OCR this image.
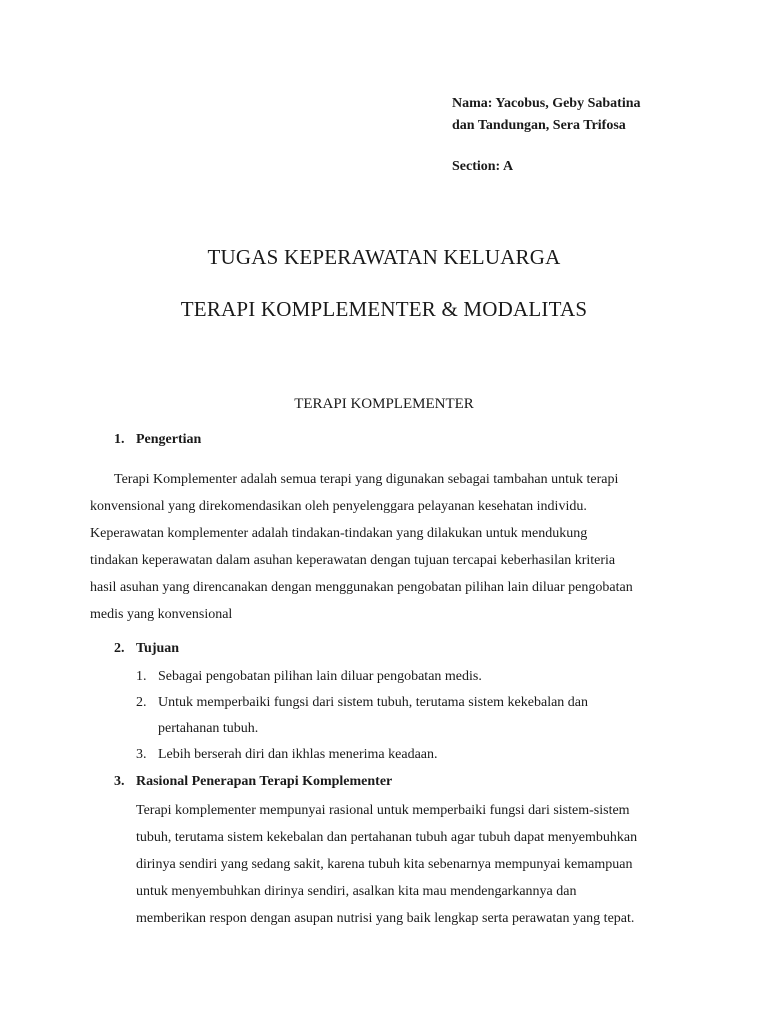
Nama: Yacobus, Geby Sabatina
dan Tandungan, Sera Trifosa
Section: A
TUGAS KEPERAWATAN KELUARGA
TERAPI KOMPLEMENTER & MODALITAS
TERAPI KOMPLEMENTER
1. Pengertian
Terapi Komplementer adalah semua terapi yang digunakan sebagai tambahan untuk terapi
konvensional yang direkomendasikan oleh penyelenggara pelayanan kesehatan individu.
Keperawatan komplementer adalah tindakan-tindakan yang dilakukan untuk mendukung
tindakan keperawatan dalam asuhan keperawatan dengan tujuan tercapai keberhasilan kriteria
hasil asuhan yang direncanakan dengan menggunakan pengobatan pilihan lain diluar pengobatan
medis yang konvensional
2. Tujuan
1. Sebagai pengobatan pilihan lain diluar pengobatan medis.
2. Untuk memperbaiki fungsi dari sistem tubuh, terutama sistem kekebalan dan
pertahanan tubuh.
3. Lebih berserah diri dan ikhlas menerima keadaan.
3. Rasional Penerapan Terapi Komplementer
Terapi komplementer mempunyai rasional untuk memperbaiki fungsi dari sistem-sistem
tubuh, terutama sistem kekebalan dan pertahanan tubuh agar tubuh dapat menyembuhkan
dirinya sendiri yang sedang sakit, karena tubuh kita sebenarnya mempunyai kemampuan
untuk menyembuhkan dirinya sendiri, asalkan kita mau mendengarkannya dan
memberikan respon dengan asupan nutrisi yang baik lengkap serta perawatan yang tepat.
